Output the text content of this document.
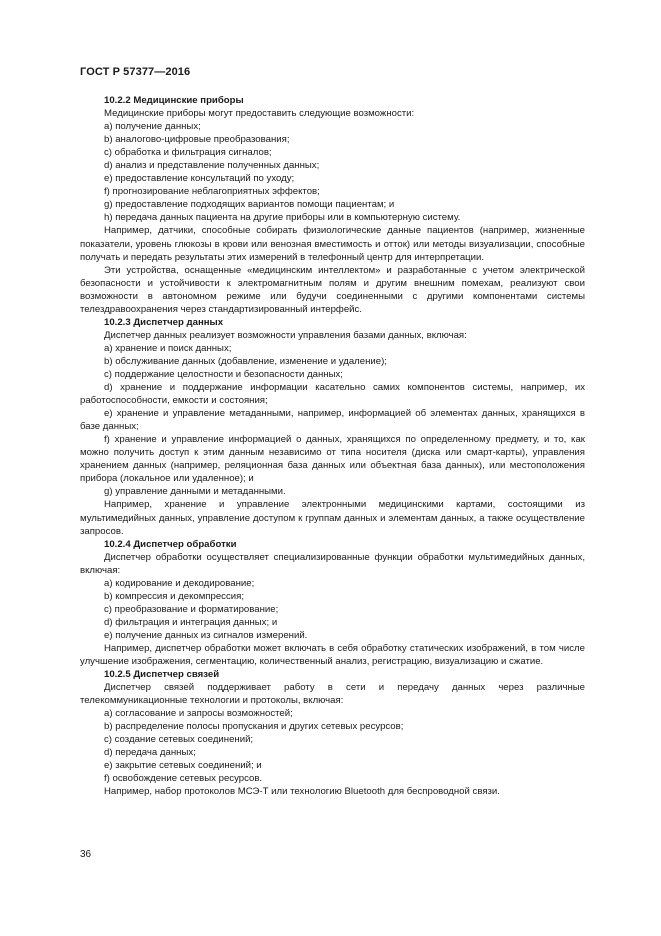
ГОСТ Р 57377—2016

10.2.2 Медицинские приборы

Медицинские приборы могут предоставить следующие возможности:

a) получение данных;

b) аналогово-цифровые преобразования;

c) обработка и фильтрация сигналов;

d) анализ и представление полученных данных;

e) предоставление консультаций по уходу;

f) прогнозирование неблагоприятных эффектов;

g) предоставление подходящих вариантов помощи пациентам; и

h) передача данных пациента на другие приборы или в компьютерную систему.

Например, датчики, способные собирать физиологические данные пациентов (например, жизненные показатели, уровень глюкозы в крови или венозная вместимость и отток) или методы визуализации, способные получать и передать результаты этих измерений в телефонный центр для интерпретации.

Эти устройства, оснащенные «медицинским интеллектом» и разработанные с учетом электрической безопасности и устойчивости к электромагнитным полям и другим внешним помехам, реализуют свои возможности в автономном режиме или будучи соединенными с другими компонентами системы телездравоохранения через стандартизированный интерфейс.

10.2.3 Диспетчер данных

Диспетчер данных реализует возможности управления базами данных, включая:

a) хранение и поиск данных;

b) обслуживание данных (добавление, изменение и удаление);

c) поддержание целостности и безопасности данных;

d) хранение и поддержание информации касательно самих компонентов системы, например, их работоспособности, емкости и состояния;

e) хранение и управление метаданными, например, информацией об элементах данных, хранящихся в базе данных;

f) хранение и управление информацией о данных, хранящихся по определенному предмету, и то, как можно получить доступ к этим данным независимо от типа носителя (диска или смарт-карты), управления хранением данных (например, реляционная база данных или объектная база данных), или местоположения прибора (локальное или удаленное); и

g) управление данными и метаданными.

Например, хранение и управление электронными медицинскими картами, состоящими из мультимедийных данных, управление доступом к группам данных и элементам данных, а также осуществление запросов.

10.2.4 Диспетчер обработки

Диспетчер обработки осуществляет специализированные функции обработки мультимедийных данных, включая:

a) кодирование и декодирование;

b) компрессия и декомпрессия;

c) преобразование и форматирование;

d) фильтрация и интеграция данных; и

e) получение данных из сигналов измерений.

Например, диспетчер обработки может включать в себя обработку статических изображений, в том числе улучшение изображения, сегментацию, количественный анализ, регистрацию, визуализацию и сжатие.

10.2.5 Диспетчер связей

Диспетчер связей поддерживает работу в сети и передачу данных через различные телекоммуникационные технологии и протоколы, включая:

a) согласование и запросы возможностей;

b) распределение полосы пропускания и других сетевых ресурсов;

c) создание сетевых соединений;

d) передача данных;

e) закрытие сетевых соединений; и

f) освобождение сетевых ресурсов.

Например, набор протоколов МСЭ-Т или технологию Bluetooth для беспроводной связи.

36
